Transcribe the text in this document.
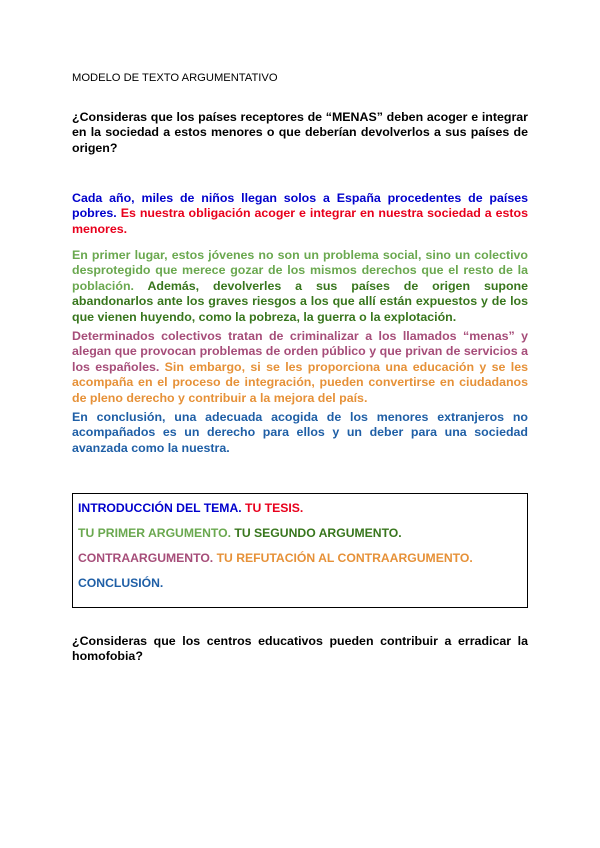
MODELO DE TEXTO ARGUMENTATIVO

¿Consideras que los países receptores de “MENAS” deben acoger e integrar en la sociedad a estos menores o que deberían devolverlos a sus países de origen?

Cada año, miles de niños llegan solos a España procedentes de países pobres. Es nuestra obligación acoger e integrar en nuestra sociedad a estos menores.

En primer lugar, estos jóvenes no son un problema social, sino un colectivo desprotegido que merece gozar de los mismos derechos que el resto de la población. Además, devolverles a sus países de origen supone abandonarlos ante los graves riesgos a los que allí están expuestos y de los que vienen huyendo, como la pobreza, la guerra o la explotación.

Determinados colectivos tratan de criminalizar a los llamados “menas” y alegan que provocan problemas de orden público y que privan de servicios a los españoles. Sin embargo, si se les proporciona una educación y se les acompaña en el proceso de integración, pueden convertirse en ciudadanos de pleno derecho y contribuir a la mejora del país.

En conclusión, una adecuada acogida de los menores extranjeros no acompañados es un derecho para ellos y un deber para una sociedad avanzada como la nuestra.

INTRODUCCIÓN DEL TEMA. TU TESIS.
TU PRIMER ARGUMENTO. TU SEGUNDO ARGUMENTO.
CONTRAARGUMENTO. TU REFUTACIÓN AL CONTRAARGUMENTO.
CONCLUSIÓN.

¿Consideras que los centros educativos pueden contribuir a erradicar la homofobia?
